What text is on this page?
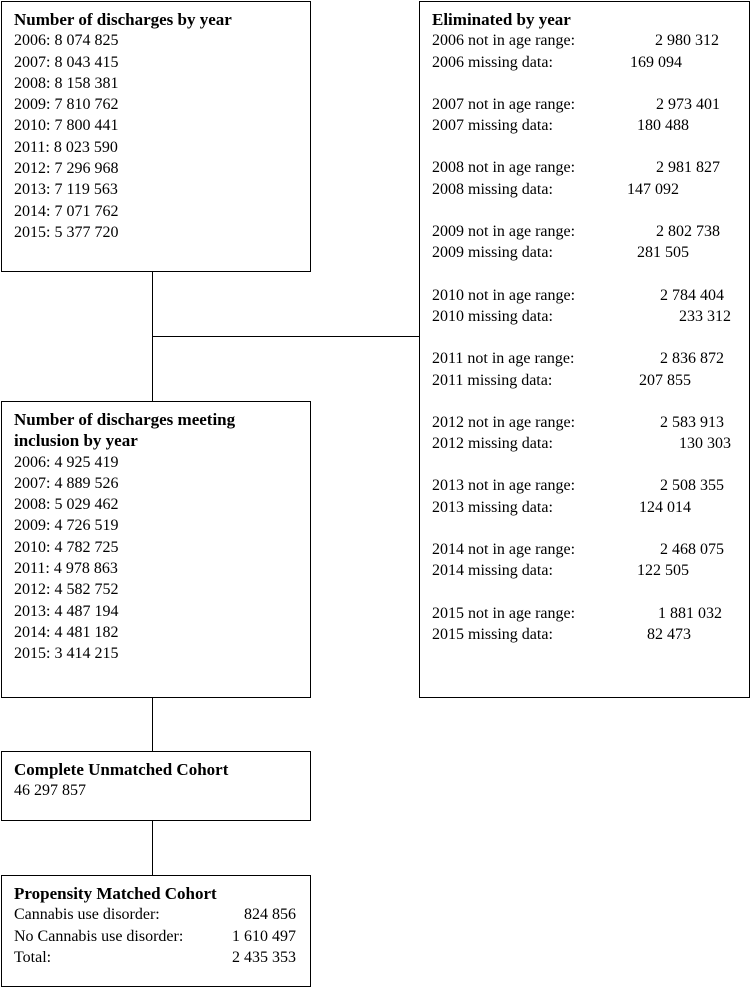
Number of discharges by year
2006: 8 074 825
2007: 8 043 415
2008: 8 158 381
2009: 7 810 762
2010: 7 800 441
2011: 8 023 590
2012: 7 296 968
2013: 7 119 563
2014: 7 071 762
2015: 5 377 720
Eliminated by year
2006 not in age range:	2 980 312
2006 missing data:	169 094
2007 not in age range:	2 973 401
2007 missing data:	180 488
2008 not in age range:	2 981 827
2008 missing data:	147 092
2009 not in age range:	2 802 738
2009 missing data:	281 505
2010 not in age range:	2 784 404
2010 missing data:	233 312
2011 not in age range:	2 836 872
2011 missing data:	207 855
2012 not in age range:	2 583 913
2012 missing data:	130 303
2013 not in age range:	2 508 355
2013 missing data:	124 014
2014 not in age range:	2 468 075
2014 missing data:	122 505
2015 not in age range:	1 881 032
2015 missing data:	82 473
Number of discharges meeting
inclusion by year
2006: 4 925 419
2007: 4 889 526
2008: 5 029 462
2009: 4 726 519
2010: 4 782 725
2011: 4 978 863
2012: 4 582 752
2013: 4 487 194
2014: 4 481 182
2015: 3 414 215
Complete Unmatched Cohort
46 297 857
Propensity Matched Cohort
Cannabis use disorder:	824 856
No Cannabis use disorder:	1 610 497
Total:	2 435 353
